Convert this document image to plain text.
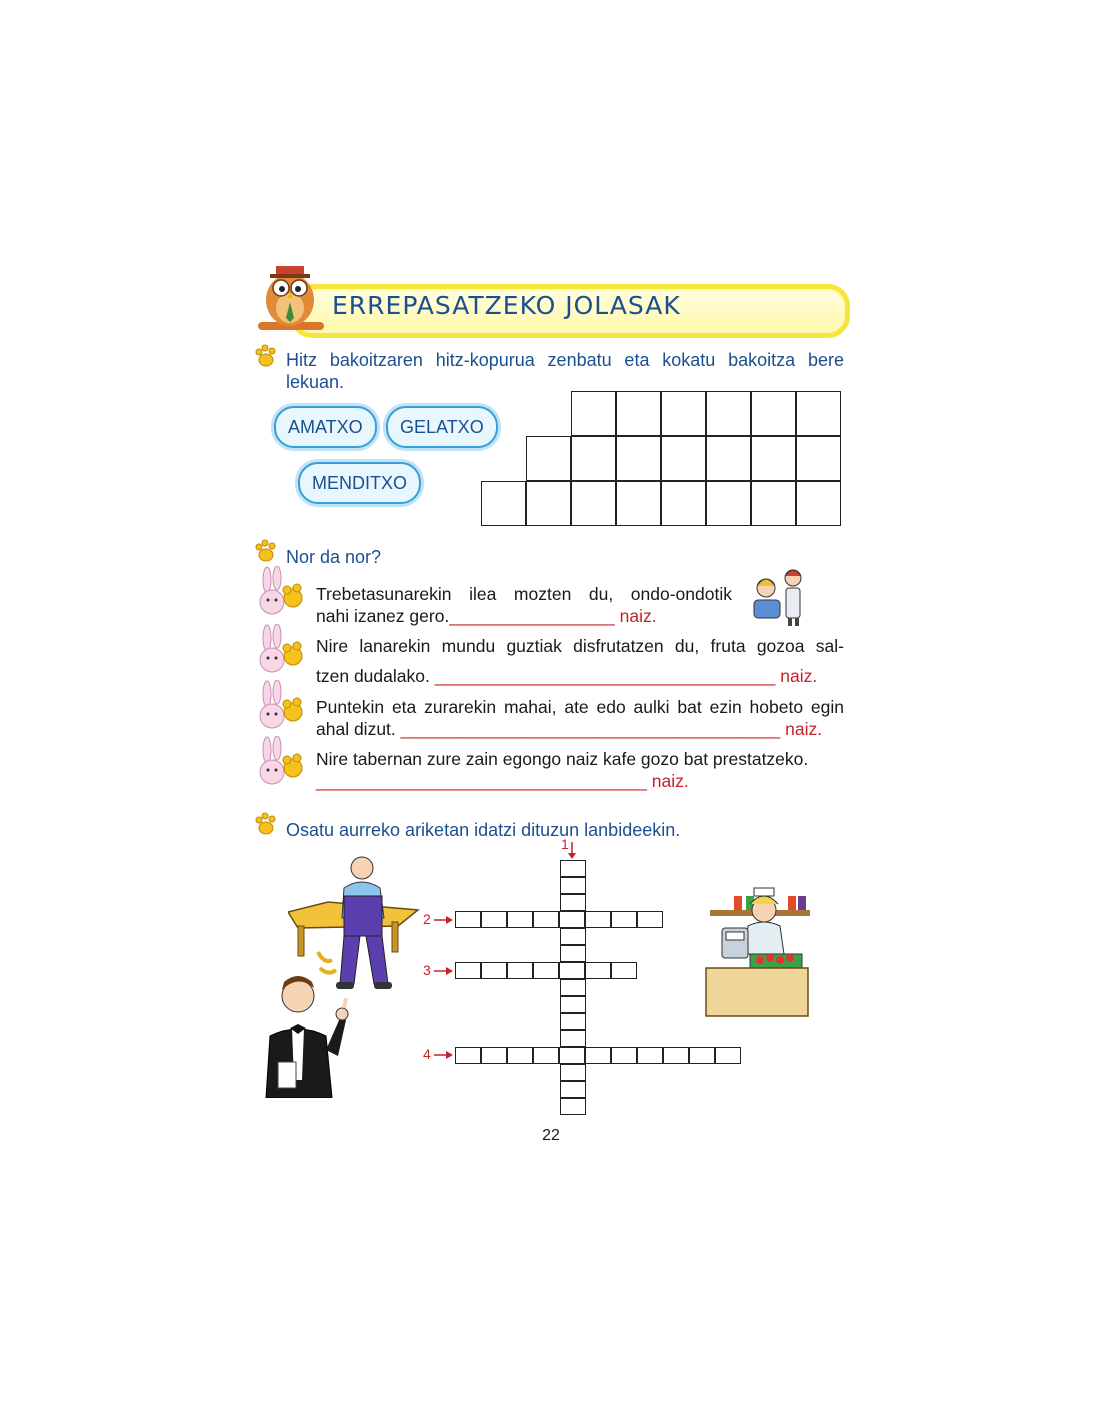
ERREPASATZEKO JOLASAK
Hitz bakoitzaren hitz-kopurua zenbatu eta kokatu bakoitza bere lekuan.
AMATXO	GELATXO
MENDITXO
Nor da nor?
Trebetasunarekin ilea mozten du, ondo-ondotik
nahi izanez gero._________________ naiz.
Nire lanarekin mundu guztiak disfrutatzen du, fruta gozoa sal-
tzen dudalako. ___________________________________ naiz.
Puntekin eta zurarekin mahai, ate edo aulki bat ezin hobeto egin
ahal dizut. _______________________________________ naiz.
Nire tabernan zure zain egongo naiz kafe gozo bat prestatzeko.
__________________________________ naiz.
Osatu aurreko ariketan idatzi dituzun lanbideekin.
1
2
3
4
22
